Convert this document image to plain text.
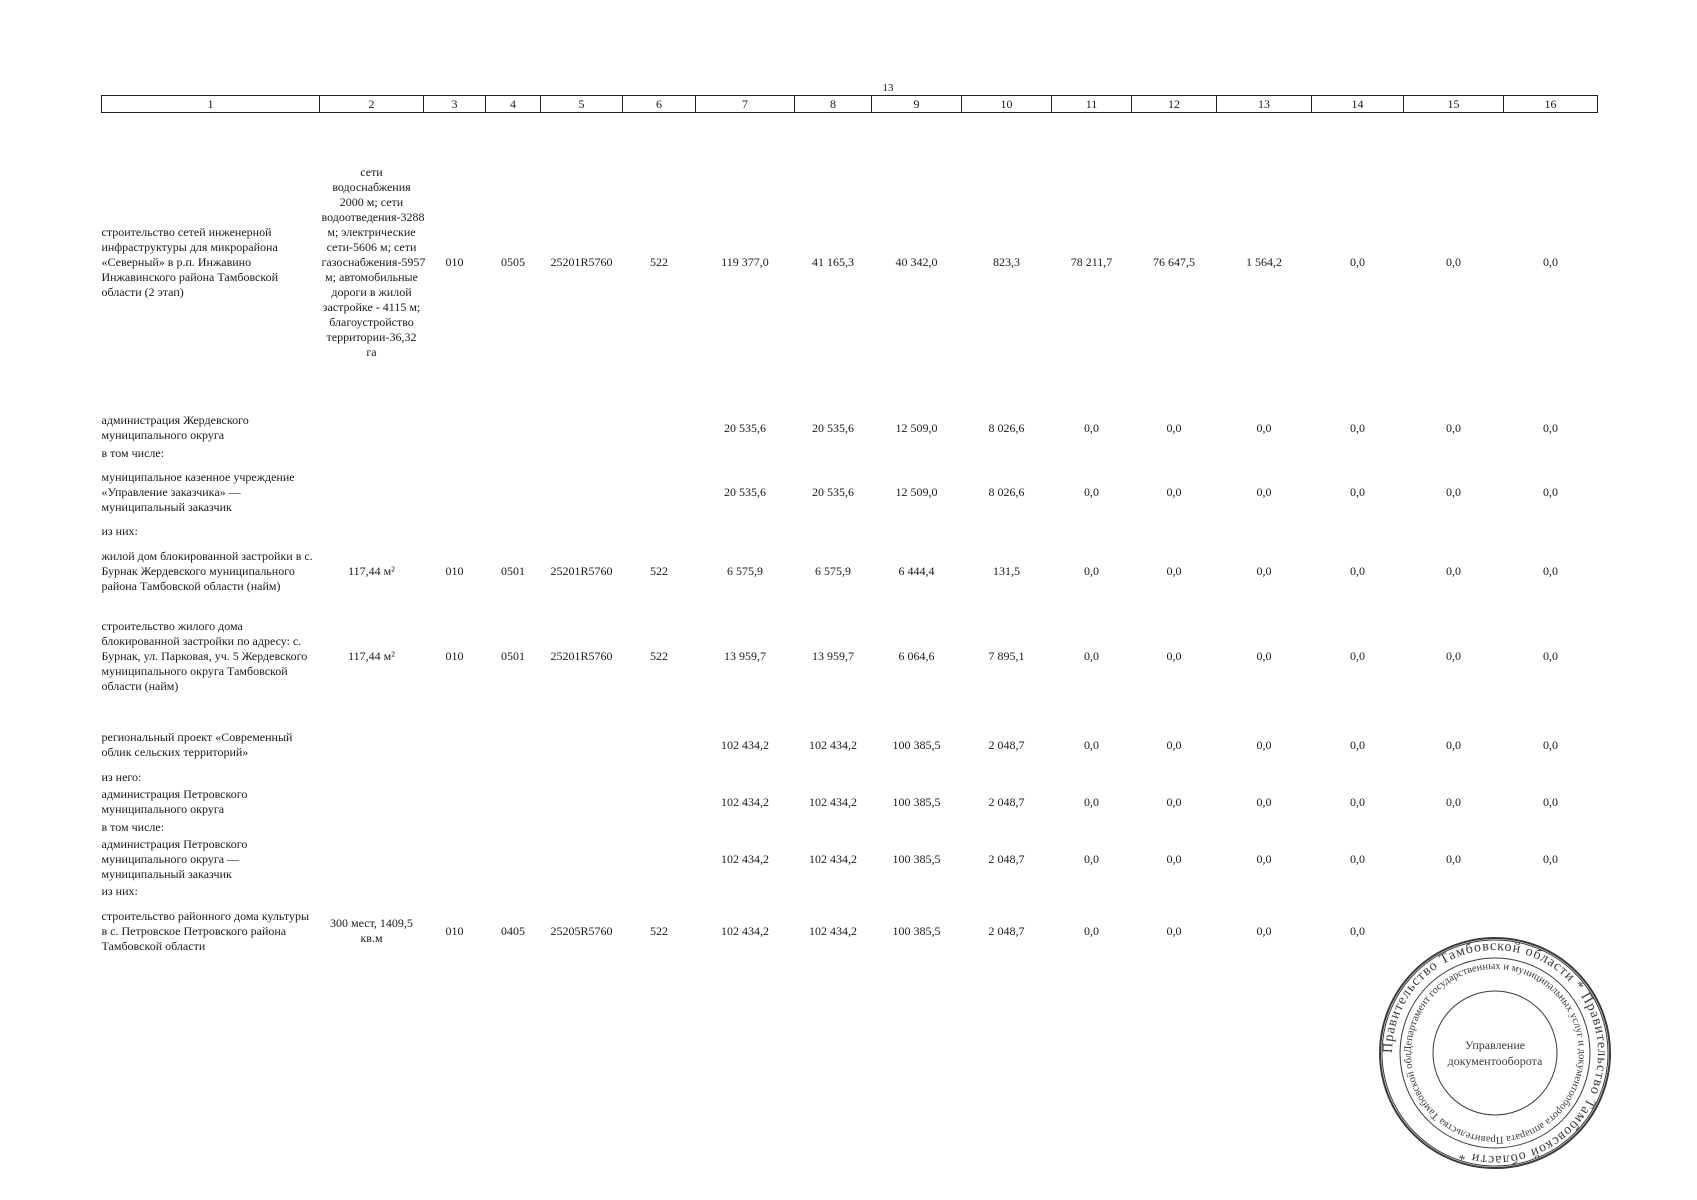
13
1	2	3	4	5	6	7	8	9	10	11	12	13	14	15	16

строительство сетей инженерной инфраструктуры для микрорайона «Северный» в р.п. Инжавино Инжавинского района Тамбовской области (2 этап)	сети водоснабжения 2000 м; сети водоотведения-3288 м; электрические сети-5606 м; сети газоснабжения-5957 м; автомобильные дороги в жилой застройке - 4115 м; благоустройство территории-36,32 га	010	0505	25201R5760	522	119 377,0	41 165,3	40 342,0	823,3	78 211,7	76 647,5	1 564,2	0,0	0,0	0,0

администрация Жердевского муниципального округа						20 535,6	20 535,6	12 509,0	8 026,6	0,0	0,0	0,0	0,0	0,0	0,0
в том числе:															
муниципальное казенное учреждение «Управление заказчика» — муниципальный заказчик						20 535,6	20 535,6	12 509,0	8 026,6	0,0	0,0	0,0	0,0	0,0	0,0
из них:															
жилой дом блокированной застройки в с. Бурнак Жердевского муниципального района Тамбовской области (найм)	117,44 м²	010	0501	25201R5760	522	6 575,9	6 575,9	6 444,4	131,5	0,0	0,0	0,0	0,0	0,0	0,0

строительство жилого дома блокированной застройки по адресу: с. Бурнак, ул. Парковая, уч. 5 Жердевского муниципального округа Тамбовской области (найм)	117,44 м²	010	0501	25201R5760	522	13 959,7	13 959,7	6 064,6	7 895,1	0,0	0,0	0,0	0,0	0,0	0,0

региональный проект «Современный облик сельских территорий»						102 434,2	102 434,2	100 385,5	2 048,7	0,0	0,0	0,0	0,0	0,0	0,0
из него:															
администрация Петровского муниципального округа						102 434,2	102 434,2	100 385,5	2 048,7	0,0	0,0	0,0	0,0	0,0	0,0
в том числе:															
администрация Петровского муниципального округа — муниципальный заказчик						102 434,2	102 434,2	100 385,5	2 048,7	0,0	0,0	0,0	0,0	0,0	0,0
из них:															
строительство районного дома культуры в с. Петровское Петровского района Тамбовской области	300 мест, 1409,5 кв.м	010	0405	25205R5760	522	102 434,2	102 434,2	100 385,5	2 048,7	0,0	0,0	0,0	0,0		
Правительство Тамбовской области * Правительство Тамбовской области *
Департамент государственных и муниципальных услуг и документооборота аппарата Правительства Тамбовской обл
Управление
документооборота
